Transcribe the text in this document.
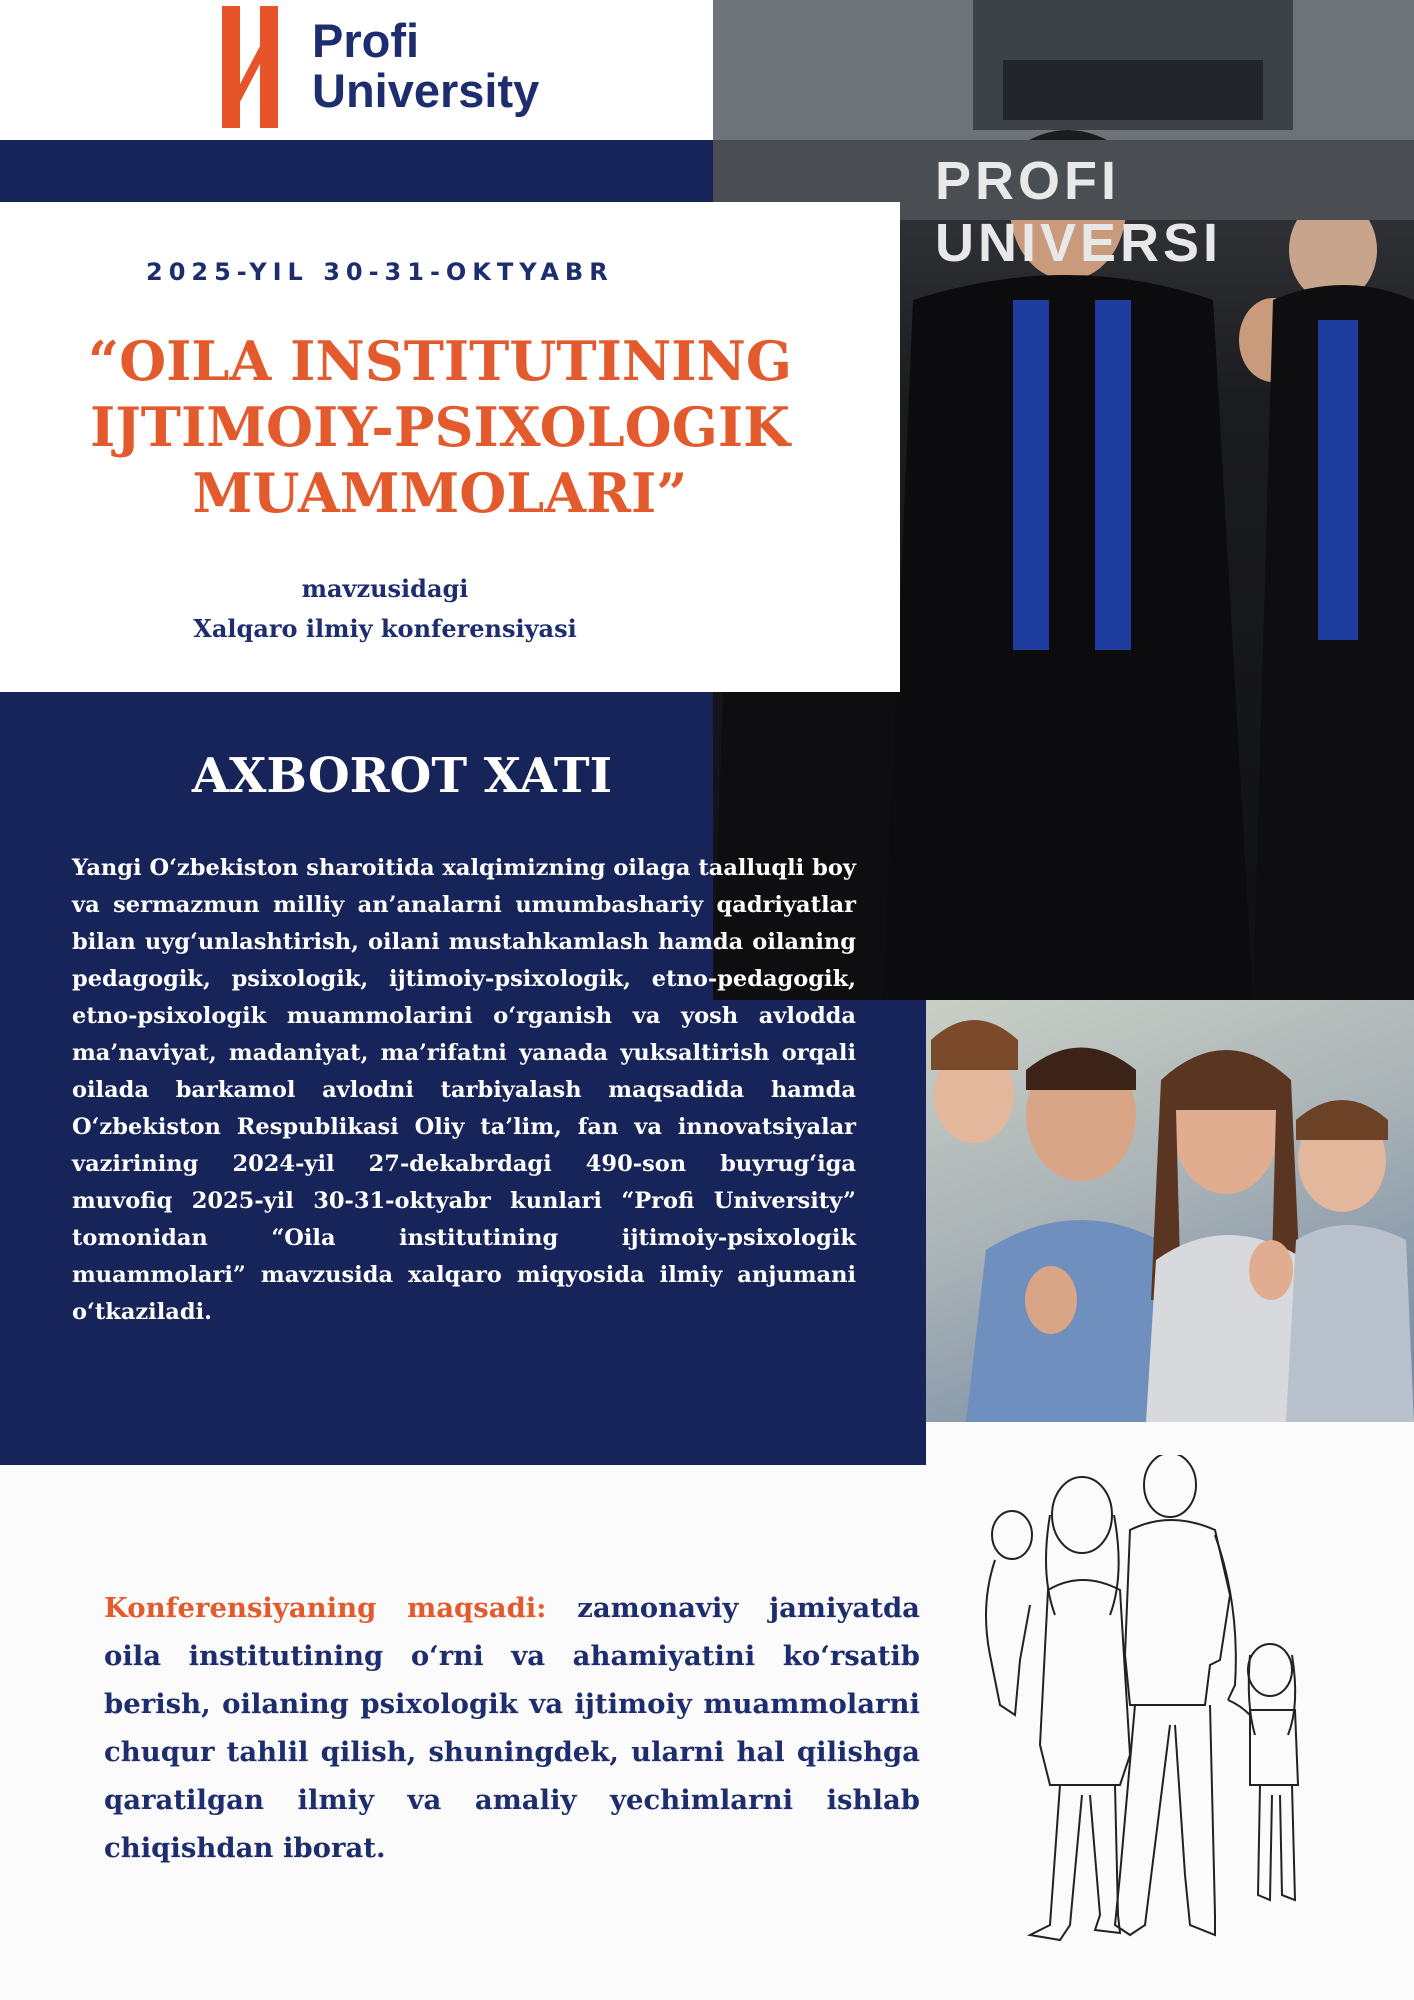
Profi
University
PROFI UNIVERSI
2025-YIL 30-31-OKTYABR
“OILA INSTITUTINING IJTIMOIY-PSIXOLOGIK MUAMMOLARI”
mavzusidagi
Xalqaro ilmiy konferensiyasi
AXBOROT XATI
Yangi O‘zbekiston sharoitida xalqimizning oilaga taalluqli boy va sermazmun milliy an’analarni umumbashariy qadriyatlar bilan uyg‘unlashtirish, oilani mustahkamlash hamda oilaning pedagogik, psixologik, ijtimoiy-psixologik, etno-pedagogik, etno-psixologik muammolarini o‘rganish va yosh avlodda ma’naviyat, madaniyat, ma’rifatni yanada yuksaltirish orqali oilada barkamol avlodni tarbiyalash maqsadida hamda O‘zbekiston Respublikasi Oliy ta’lim, fan va innovatsiyalar vazirining 2024-yil 27-dekabrdagi 490-son buyrug‘iga muvofiq 2025-yil 30-31-oktyabr kunlari “Profi University” tomonidan “Oila institutining ijtimoiy-psixologik muammolari” mavzusida xalqaro miqyosida ilmiy anjumani o‘tkaziladi.
Konferensiyaning maqsadi: zamonaviy jamiyatda oila institutining o‘rni va ahamiyatini ko‘rsatib berish, oilaning psixologik va ijtimoiy muammolarni chuqur tahlil qilish, shuningdek, ularni hal qilishga qaratilgan ilmiy va amaliy yechimlarni ishlab chiqishdan iborat.
